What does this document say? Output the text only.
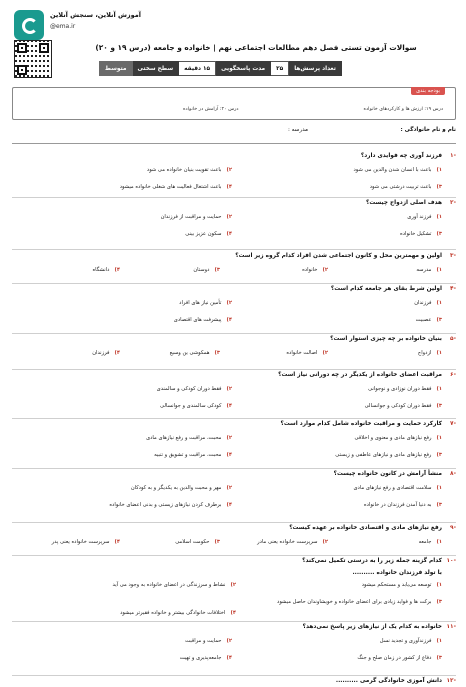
آموزش آنلاین، سنجش آنلاین
@ema.ir
سوالات آزمون تستی فصل دهم مطالعات اجتماعی نهم | خانواده و جامعه (درس ۱۹ و ۲۰)
تعداد پرسش‌ها
۲۵
مدت پاسخگویی
۱۵ دقیقه
سطح سختی
متوسط
بودجه بندی
درس ۱۹: ارزش ها و کارکردهای خانواده
درس ۲۰: آرامش در خانواده
نام و نام خانوادگی :
مدرسه :
۱-
فرزند آوری چه فوایدی دارد؟
۱)
باعث با انسان شدن والدین می شود
۲)
باعث تقویت بنیان خانواده می شود
۳)
باعث تربیت درشتی می شود
۴)
باعث اشتغال فعالیت های شغلی خانواده میشود
۲-
هدف اصلی ازدواج چیست؟
۱)
فرزند آوری
۲)
حمایت و مراقبت از فرزندان
۳)
تشکیل خانواده
۴)
سکون عزیز بینی
۳-
اولین و مهمترین محل و کانون اجتماعی شدن افراد کدام گروه زیر است؟
۱)
مدرسه
۲)
خانواده
۳)
دوستان
۴)
دانشگاه
۴-
اولین شرط بقای هر جامعه کدام است؟
۱)
فرزندان
۲)
تأمین نیاز های افراد
۳)
عصبیت
۴)
پیشرفت های اقتصادی
۵-
بنیان خانواده بر چه چیزی استوار است؟
۱)
ازدواج
۲)
اصالت خانواده
۳)
همکوشی ین وسیع
۴)
فرزندان
۶-
مراقبت اعضای خانواده از یکدیگر در چه دورانی نیاز است؟
۱)
فقط دوران نوزادی و نوجوانی
۲)
فقط دوران کودکی و سالمندی
۳)
فقط دوران کودکی و جوانسالی
۴)
کودکی سالمندی و جوانسالی
۷-
کارکرد حمایت و مراقبت خانواده شامل کدام موارد است؟
۱)
رفع نیازهای مادی و معنوی و اخلاقی
۲)
محبت، مراقبت و رفع نیازهای مادی
۳)
رفع نیازهای مادی و نیازهای عاطفی و زیستی
۴)
محبت، مراقبت و تشویق و تنبیه
۸-
منشأ آرامش در کانون خانواده چیست؟
۱)
سلامت اقتصادی و رفع نیازهای مادی
۲)
مهر و محبت والدین به یکدیگر و به کودکان
۳)
به دنیا آمدن فرزندان در خانواده
۴)
برطرف کردن نیازهای زیستی و بدنی اعضای خانواده
۹-
رفع نیازهای مادی و اقتصادی خانواده بر عهده کیست؟
۱)
جامعه
۲)
سرپرست خانواده یعنی مادر
۳)
حکومت اسلامی
۴)
سرپرست خانواده یعنی پدر
۱۰-
کدام گزینه جمله زیر را به درستی تکمیل نمی‌کند؟
با تولد فرزندان خانواده ..........
۱)
توسعه می‌یابد و مستحکم میشود
۲)
نشاط و سرزندگی در اعضای خانواده به وجود می آید
۳)
برکت ها و فواید زیادی برای اعضای خانواده و خویشاوندان حاصل میشود
۴)
اختلافات خانوادگی بیشتر و خانواده فقیرتر میشود
۱۱-
خانواده به کدام یک از نیازهای زیر پاسخ نمی‌دهد؟
۱)
فرزندآوری و تجدید نسل
۲)
حمایت و مراقبت
۳)
دفاع از کشور در زمان صلح و جنگ
۴)
جامعه‌پذیری و تهیت
۱۲-
دانش آموزی خانوادگی گرمی ..........
